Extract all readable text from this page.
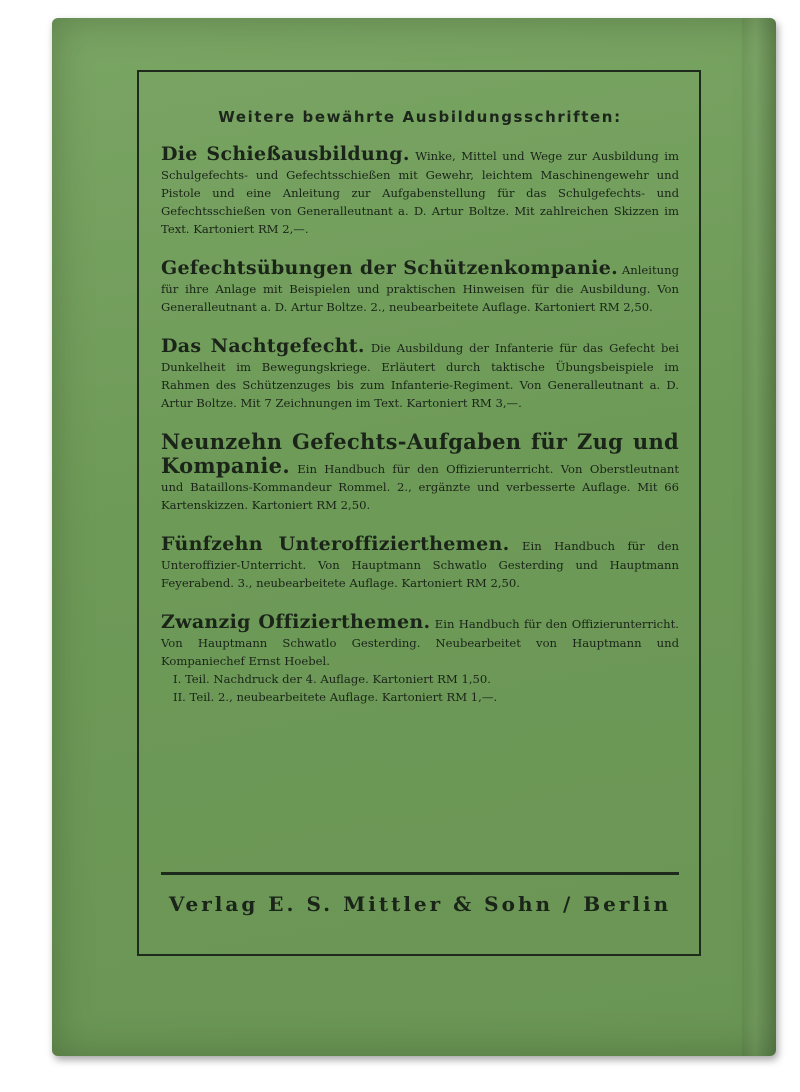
Weitere bewährte Ausbildungsschriften:

Die Schießausbildung. Winke, Mittel und Wege zur Ausbildung im Schulgefechts- und Gefechtsschießen mit Gewehr, leichtem Maschinengewehr und Pistole und eine Anleitung zur Aufgabenstellung für das Schulgefechts- und Gefechtsschießen von Generalleutnant a. D. Artur Boltze. Mit zahlreichen Skizzen im Text. Kartoniert RM 2,—.

Gefechtsübungen der Schützenkompanie. Anleitung für ihre Anlage mit Beispielen und praktischen Hinweisen für die Ausbildung. Von Generalleutnant a. D. Artur Boltze. 2., neubearbeitete Auflage. Kartoniert RM 2,50.

Das Nachtgefecht. Die Ausbildung der Infanterie für das Gefecht bei Dunkelheit im Bewegungskriege. Erläutert durch taktische Übungsbeispiele im Rahmen des Schützenzuges bis zum Infanterie-Regiment. Von Generalleutnant a. D. Artur Boltze. Mit 7 Zeichnungen im Text. Kartoniert RM 3,—.

Neunzehn Gefechts-Aufgaben für Zug und Kompanie. Ein Handbuch für den Offizierunterricht. Von Oberstleutnant und Bataillons-Kommandeur Rommel. 2., ergänzte und verbesserte Auflage. Mit 66 Kartenskizzen. Kartoniert RM 2,50.

Fünfzehn Unteroffizierthemen. Ein Handbuch für den Unteroffizier-Unterricht. Von Hauptmann Schwatlo Gesterding und Hauptmann Feyerabend. 3., neubearbeitete Auflage. Kartoniert RM 2,50.

Zwanzig Offizierthemen. Ein Handbuch für den Offizierunterricht. Von Hauptmann Schwatlo Gesterding. Neubearbeitet von Hauptmann und Kompaniechef Ernst Hoebel.

I. Teil. Nachdruck der 4. Auflage. Kartoniert RM 1,50.

II. Teil. 2., neubearbeitete Auflage. Kartoniert RM 1,—.

Verlag E. S. Mittler & Sohn / Berlin
